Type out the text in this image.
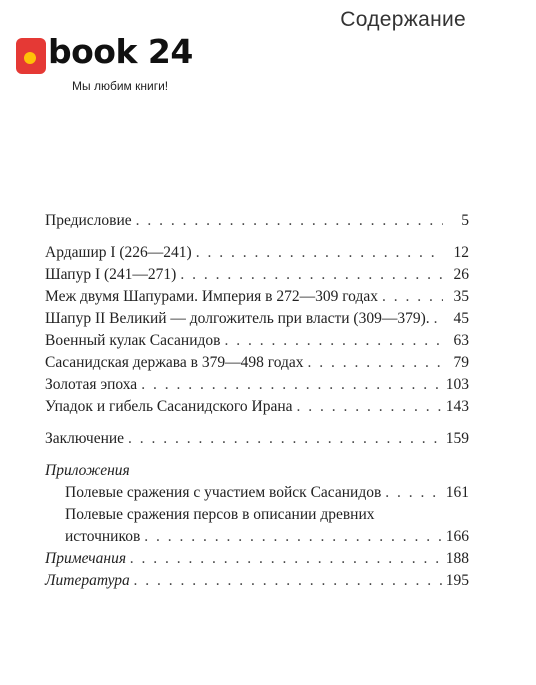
Содержание
book 24
Мы любим книги!
Предисловие . . .	5
Ардашир I (226—241) . . .	12
Шапур I (241—271) . . .	26
Меж двумя Шапурами. Империя в 272—309 годах . . .	35
Шапур II Великий — долгожитель при власти (309—379). . . .	45
Военный кулак Сасанидов . . .	63
Сасанидская держава в 379—498 годах . . .	79
Золотая эпоха . . .	103
Упадок и гибель Сасанидского Ирана . . .	143
Заключение . . .	159
Приложения
Полевые сражения с участием войск Сасанидов . . .	161
Полевые сражения персов в описании древних
источников . . .	166
Примечания . . .	188
Литература . . .	195
